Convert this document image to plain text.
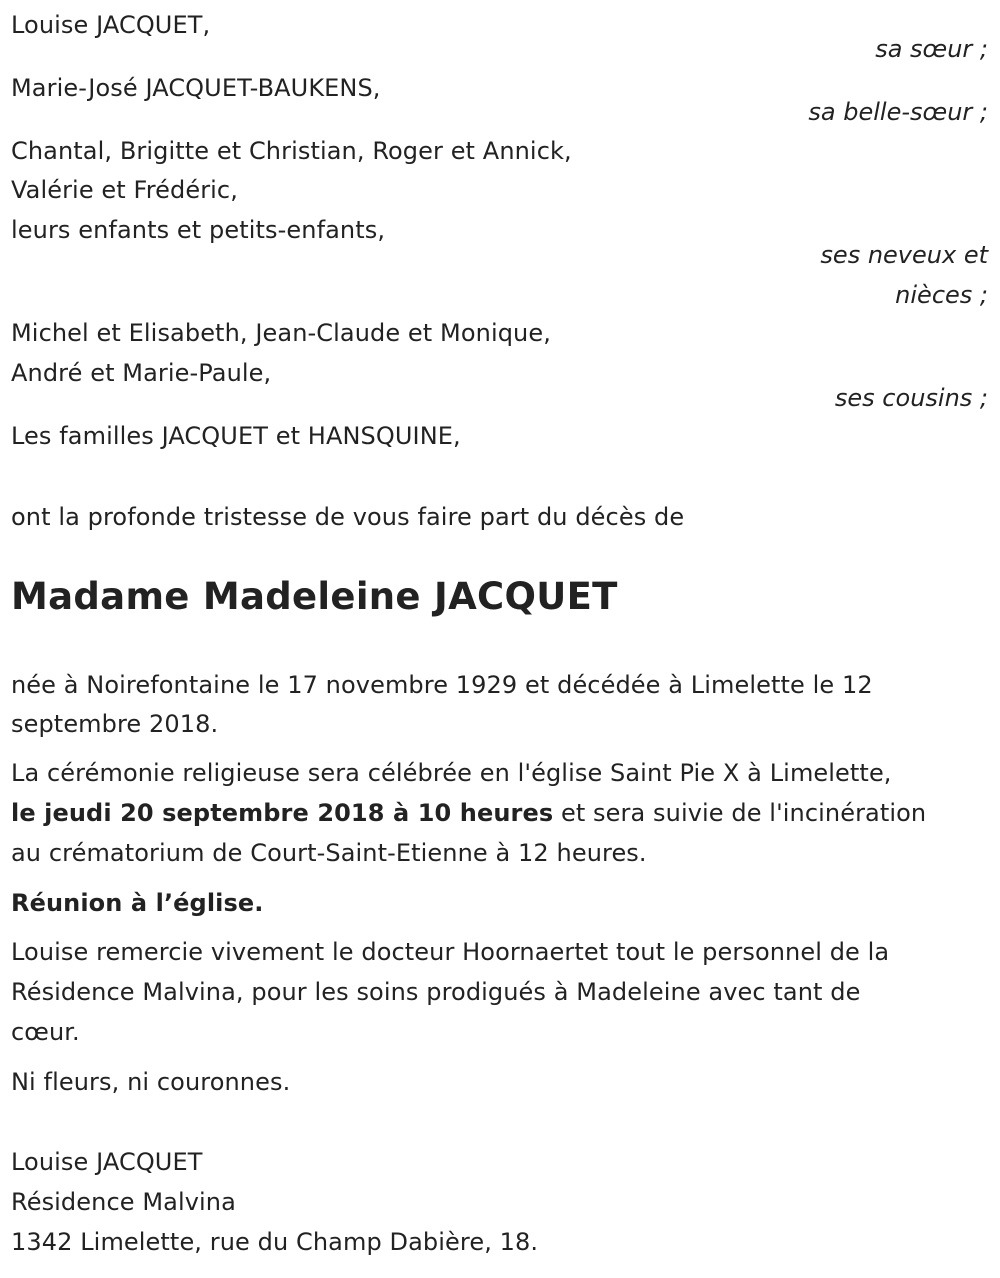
Louise JACQUET,
sa sœur ;
Marie-José JACQUET-BAUKENS,
sa belle-sœur ;
Chantal, Brigitte et Christian, Roger et Annick,
Valérie et Frédéric,
leurs enfants et petits-enfants,
ses neveux et
nièces ;
Michel et Elisabeth, Jean-Claude et Monique,
André et Marie-Paule,
ses cousins ;
Les familles JACQUET et HANSQUINE,
ont la profonde tristesse de vous faire part du décès de
Madame Madeleine JACQUET
née à Noirefontaine le 17 novembre 1929 et décédée à Limelette le 12
septembre 2018.
La cérémonie religieuse sera célébrée en l'église Saint Pie X à Limelette,
le jeudi 20 septembre 2018 à 10 heures et sera suivie de l'incinération
au crématorium de Court-Saint-Etienne à 12 heures.
Réunion à l’église.
Louise remercie vivement le docteur Hoornaertet tout le personnel de la
Résidence Malvina, pour les soins prodigués à Madeleine avec tant de
cœur.
Ni fleurs, ni couronnes.
Louise JACQUET
Résidence Malvina
1342 Limelette, rue du Champ Dabière, 18.
